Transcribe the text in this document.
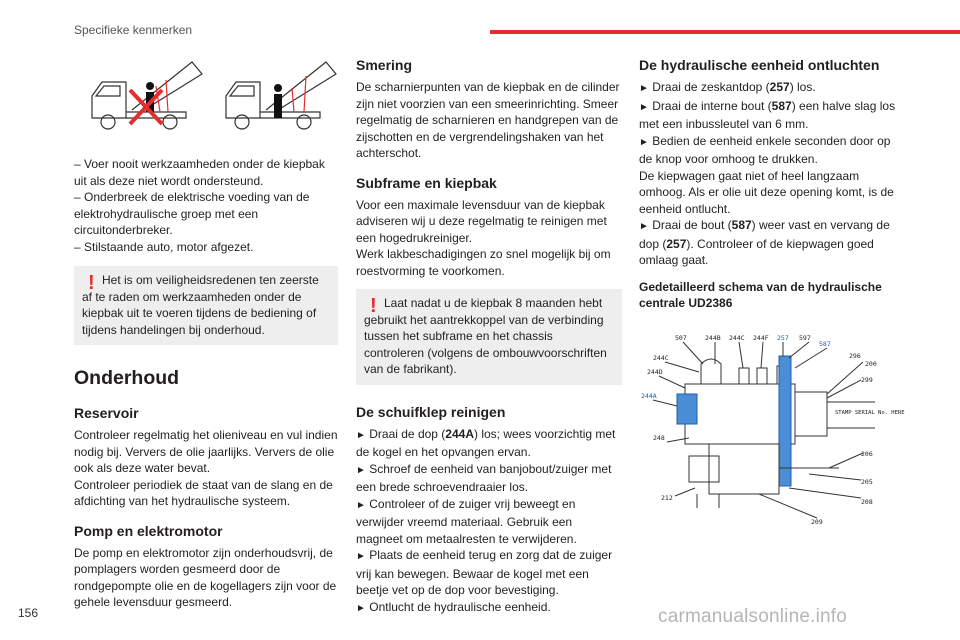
Specifieke kenmerken

– Voer nooit werkzaamheden onder de kiepbak uit als deze niet wordt ondersteund.

– Onderbreek de elektrische voeding van de elektrohydraulische groep met een circuitonderbreker.

– Stilstaande auto, motor afgezet.

! Het is om veiligheidsredenen ten zeerste af te raden om werkzaamheden onder de kiepbak uit te voeren tijdens de bediening of tijdens handelingen bij onderhoud.

Onderhoud

Reservoir

Controleer regelmatig het olieniveau en vul indien nodig bij. Ververs de olie jaarlijks. Ververs de olie ook als deze water bevat.

Controleer periodiek de staat van de slang en de afdichting van het hydraulische systeem.

Pomp en elektromotor

De pomp en elektromotor zijn onderhoudsvrij, de pomplagers worden gesmeerd door de rondgepompte olie en de kogellagers zijn voor de gehele levensduur gesmeerd.

Smering

De scharnierpunten van de kiepbak en de cilinder zijn niet voorzien van een smeerinrichting. Smeer regelmatig de scharnieren en handgrepen van de zijschotten en de vergrendelingshaken van het achterschot.

Subframe en kiepbak

Voor een maximale levensduur van de kiepbak adviseren wij u deze regelmatig te reinigen met een hogedrukreiniger.

Werk lakbeschadigingen zo snel mogelijk bij om roestvorming te voorkomen.

! Laat nadat u de kiepbak 8 maanden hebt gebruikt het aantrekkoppel van de verbinding tussen het subframe en het chassis controleren (volgens de ombouwvoorschriften van de fabrikant).

De schuifklep reinigen

► Draai de dop (244A) los; wees voorzichtig met de kogel en het opvangen ervan.

► Schroef de eenheid van banjobout/zuiger met een brede schroevendraaier los.

► Controleer of de zuiger vrij beweegt en verwijder vreemd materiaal. Gebruik een magneet om metaalresten te verwijderen.

► Plaats de eenheid terug en zorg dat de zuiger vrij kan bewegen. Bewaar de kogel met een beetje vet op de dop voor bevestiging.

► Ontlucht de hydraulische eenheid.

De hydraulische eenheid ontluchten

► Draai de zeskantdop (257) los.

► Draai de interne bout (587) een halve slag los met een inbussleutel van 6 mm.

► Bedien de eenheid enkele seconden door op de knop voor omhoog te drukken.

De kiepwagen gaat niet of heel langzaam omhoog. Als er olie uit deze opening komt, is de eenheid ontlucht.

► Draai de bout (587) weer vast en vervang de dop (257). Controleer of de kiepwagen goed omlaag gaat.

Gedetailleerd schema van de hydraulische centrale UD2386

507	244B 244C 244F 257 597
587
244C
244D
244A
248
212
209
208
205
206
299
296
200
STAMP SERIAL No. HERE
156	carmanualsonline.info
